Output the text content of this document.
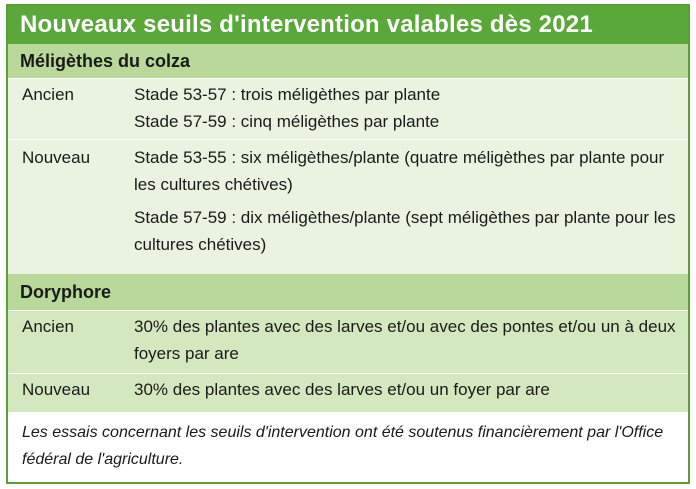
Nouveaux seuils d'intervention valables dès 2021
Méligèthes du colza
Ancien	Stade 53-57 : trois méligèthes par plante

Stade 57-59 : cinq méligèthes par plante

Nouveau	Stade 53-55 : six méligèthes/plante (quatre méligèthes par plante pour les cultures chétives)

Stade 57-59 : dix méligèthes/plante (sept méligèthes par plante pour les cultures chétives)

Doryphore
Ancien	30% des plantes avec des larves et/ou avec des pontes et/ou un à deux foyers par are
Nouveau	30% des plantes avec des larves et/ou un foyer par are
Les essais concernant les seuils d'intervention ont été soutenus financièrement par l'Office fédéral de l'agriculture.
